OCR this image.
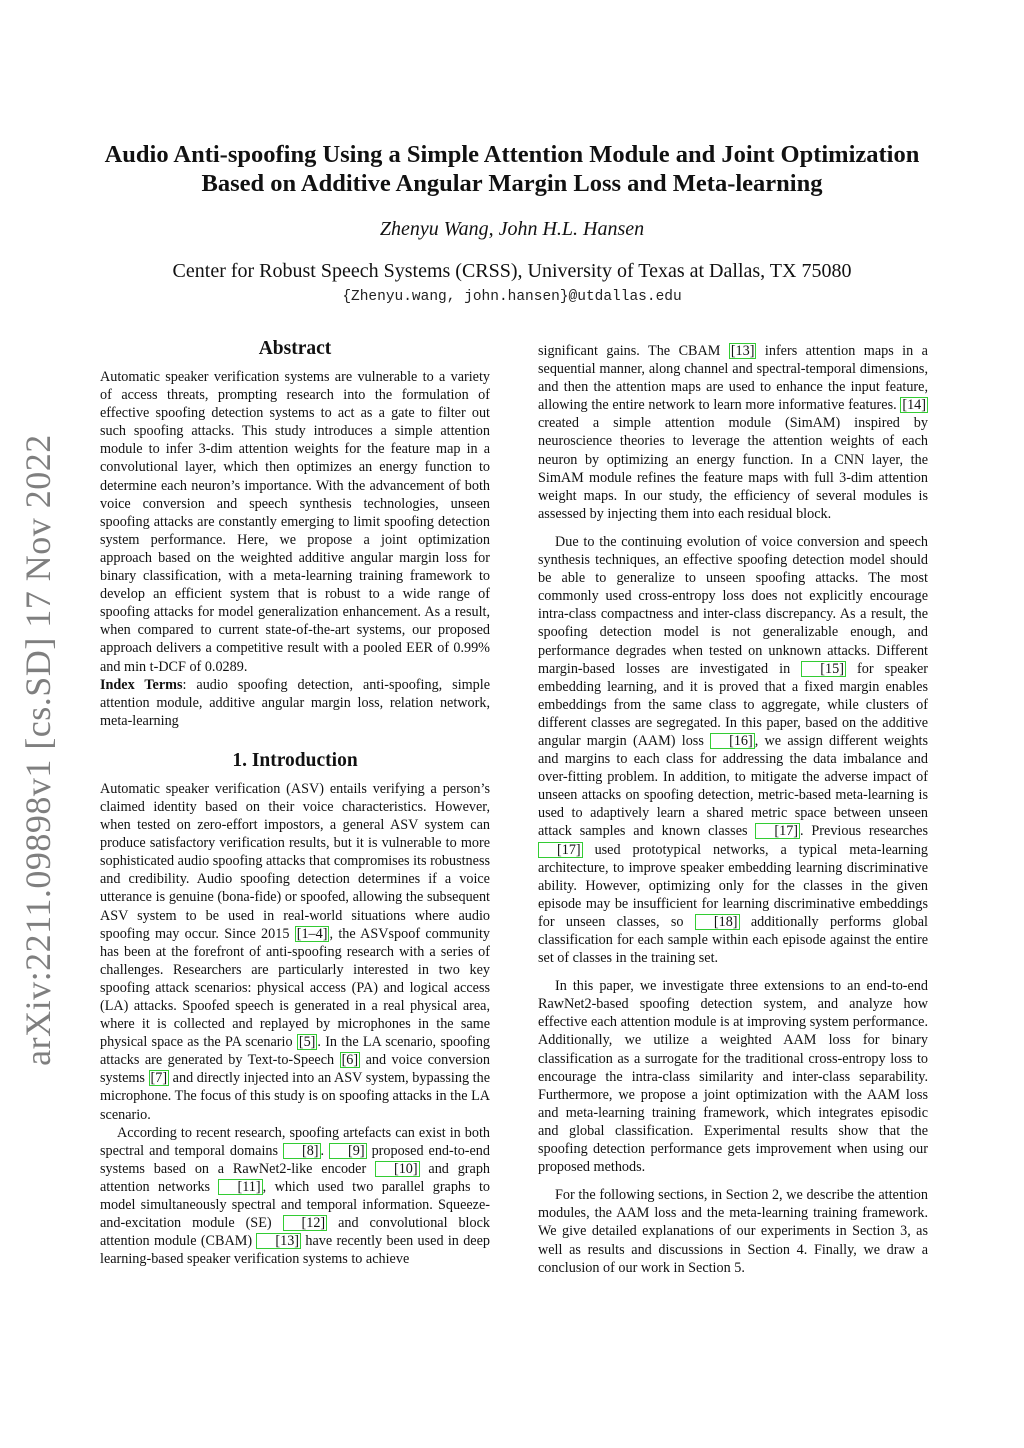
arXiv:2211.09898v1 [cs.SD] 17 Nov 2022
Audio Anti-spoofing Using a Simple Attention Module and Joint Optimization
Based on Additive Angular Margin Loss and Meta-learning
Zhenyu Wang, John H.L. Hansen
Center for Robust Speech Systems (CRSS), University of Texas at Dallas, TX 75080
{Zhenyu.wang, john.hansen}@utdallas.edu
Abstract

Automatic speaker verification systems are vulnerable to a variety of access threats, prompting research into the formulation of effective spoofing detection systems to act as a gate to filter out such spoofing attacks. This study introduces a simple attention module to infer 3-dim attention weights for the feature map in a convolutional layer, which then optimizes an energy function to determine each neuron’s importance. With the advancement of both voice conversion and speech synthesis technologies, unseen spoofing attacks are constantly emerging to limit spoofing detection system performance. Here, we propose a joint optimization approach based on the weighted additive angular margin loss for binary classification, with a meta-learning training framework to develop an efficient system that is robust to a wide range of spoofing attacks for model generalization enhancement. As a result, when compared to current state-of-the-art systems, our proposed approach delivers a competitive result with a pooled EER of 0.99% and min t-DCF of 0.0289.

Index Terms: audio spoofing detection, anti-spoofing, simple attention module, additive angular margin loss, relation network, meta-learning

1. Introduction

Automatic speaker verification (ASV) entails verifying a person’s claimed identity based on their voice characteristics. However, when tested on zero-effort impostors, a general ASV system can produce satisfactory verification results, but it is vulnerable to more sophisticated audio spoofing attacks that compromises its robustness and credibility. Audio spoofing detection determines if a voice utterance is genuine (bona-fide) or spoofed, allowing the subsequent ASV system to be used in real-world situations where audio spoofing may occur. Since 2015 [1–4] , the ASVspoof community has been at the forefront of anti-spoofing research with a series of challenges. Researchers are particularly interested in two key spoofing attack scenarios: physical access (PA) and logical access (LA) attacks. Spoofed speech is generated in a real physical area, where it is collected and replayed by microphones in the same physical space as the PA scenario [5] . In the LA scenario, spoofing attacks are generated by Text-to-Speech [6] and voice conversion systems [7] and directly injected into an ASV system, bypassing the microphone. The focus of this study is on spoofing attacks in the LA scenario.

According to recent research, spoofing artefacts can exist in both spectral and temporal domains [8] . [9] proposed end-to-end systems based on a RawNet2-like encoder [10] and graph attention networks [11] , which used two parallel graphs to model simultaneously spectral and temporal information. Squeeze-and-excitation module (SE) [12] and convolutional block attention module (CBAM) [13] have recently been used in deep learning-based speaker verification systems to achieve

significant gains. The CBAM [13] infers attention maps in a sequential manner, along channel and spectral-temporal dimensions, and then the attention maps are used to enhance the input feature, allowing the entire network to learn more informative features. [14] created a simple attention module (SimAM) inspired by neuroscience theories to leverage the attention weights of each neuron by optimizing an energy function. In a CNN layer, the SimAM module refines the feature maps with full 3-dim attention weight maps. In our study, the efficiency of several modules is assessed by injecting them into each residual block.

Due to the continuing evolution of voice conversion and speech synthesis techniques, an effective spoofing detection model should be able to generalize to unseen spoofing attacks. The most commonly used cross-entropy loss does not explicitly encourage intra-class compactness and inter-class discrepancy. As a result, the spoofing detection model is not generalizable enough, and performance degrades when tested on unknown attacks. Different margin-based losses are investigated in [15] for speaker embedding learning, and it is proved that a fixed margin enables embeddings from the same class to aggregate, while clusters of different classes are segregated. In this paper, based on the additive angular margin (AAM) loss [16] , we assign different weights and margins to each class for addressing the data imbalance and over-fitting problem. In addition, to mitigate the adverse impact of unseen attacks on spoofing detection, metric-based meta-learning is used to adaptively learn a shared metric space between unseen attack samples and known classes [17] . Previous researches [17] used prototypical networks, a typical meta-learning architecture, to improve speaker embedding learning discriminative ability. However, optimizing only for the classes in the given episode may be insufficient for learning discriminative embeddings for unseen classes, so [18] additionally performs global classification for each sample within each episode against the entire set of classes in the training set.

In this paper, we investigate three extensions to an end-to-end RawNet2-based spoofing detection system, and analyze how effective each attention module is at improving system performance. Additionally, we utilize a weighted AAM loss for binary classification as a surrogate for the traditional cross-entropy loss to encourage the intra-class similarity and inter-class separability. Furthermore, we propose a joint optimization with the AAM loss and meta-learning training framework, which integrates episodic and global classification. Experimental results show that the spoofing detection performance gets improvement when using our proposed methods.

For the following sections, in Section 2, we describe the attention modules, the AAM loss and the meta-learning training framework. We give detailed explanations of our experiments in Section 3, as well as results and discussions in Section 4. Finally, we draw a conclusion of our work in Section 5.
